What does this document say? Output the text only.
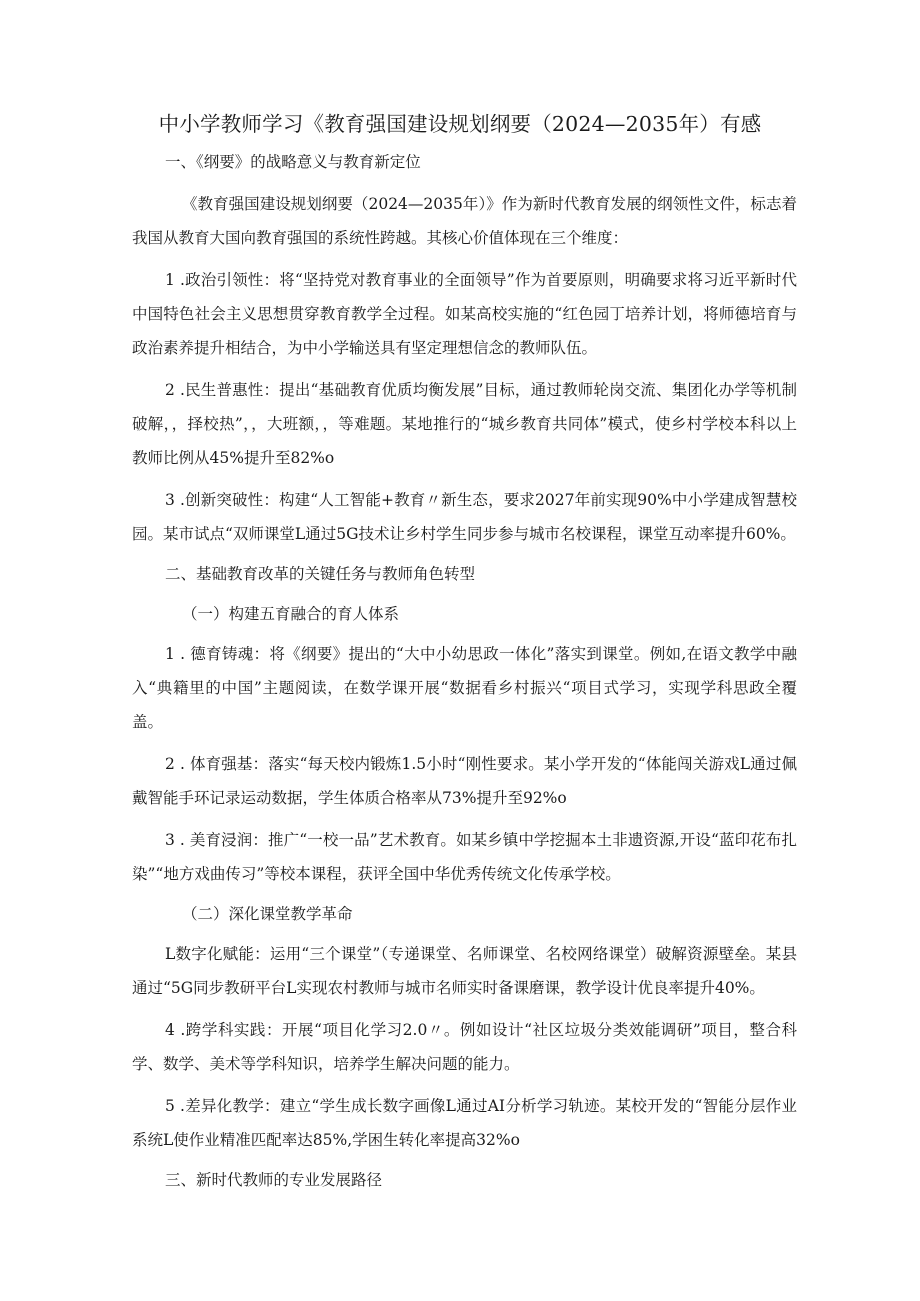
中小学教师学习《教育强国建设规划纲要（2024—2035年）有感

一、《纲要》的战略意义与教育新定位

《教育强国建设规划纲要（2024—2035年）》作为新时代教育发展的纲领性文件，标志着我国从教育大国向教育强国的系统性跨越。其核心价值体现在三个维度：

1 .政治引领性：将“坚持党对教育事业的全面领导”作为首要原则，明确要求将习近平新时代中国特色社会主义思想贯穿教育教学全过程。如某高校实施的“红色园丁培养计划，将师德培育与政治素养提升相结合，为中小学输送具有坚定理想信念的教师队伍。

2 .民生普惠性：提出“基础教育优质均衡发展”目标，通过教师轮岗交流、集团化办学等机制破解，，择校热”，，大班额，，等难题。某地推行的“城乡教育共同体”模式，使乡村学校本科以上教师比例从45%提升至82%o

3 .创新突破性：构建“人工智能+教育〃新生态，要求2027年前实现90%中小学建成智慧校园。某市试点“双师课堂L通过5G技术让乡村学生同步参与城市名校课程，课堂互动率提升60%。

二、基础教育改革的关键任务与教师角色转型

（一）构建五育融合的育人体系

1 . 德育铸魂：将《纲要》提出的“大中小幼思政一体化”落实到课堂。例如,在语文教学中融入“典籍里的中国”主题阅读，在数学课开展“数据看乡村振兴“项目式学习，实现学科思政全覆盖。

2 . 体育强基：落实“每天校内锻炼1.5小时“刚性要求。某小学开发的“体能闯关游戏L通过佩戴智能手环记录运动数据，学生体质合格率从73%提升至92%o

3 . 美育浸润：推广“一校一品”艺术教育。如某乡镇中学挖掘本土非遗资源,开设“蓝印花布扎染”“地方戏曲传习”等校本课程，获评全国中华优秀传统文化传承学校。

（二）深化课堂教学革命

L数字化赋能：运用“三个课堂”（专递课堂、名师课堂、名校网络课堂）破解资源壁垒。某县通过“5G同步教研平台L实现农村教师与城市名师实时备课磨课，教学设计优良率提升40%。

4 .跨学科实践：开展“项目化学习2.0〃。例如设计“社区垃圾分类效能调研”项目，整合科学、数学、美术等学科知识，培养学生解决问题的能力。

5 .差异化教学：建立“学生成长数字画像L通过AI分析学习轨迹。某校开发的“智能分层作业系统L使作业精准匹配率达85%,学困生转化率提高32%o

三、新时代教师的专业发展路径
